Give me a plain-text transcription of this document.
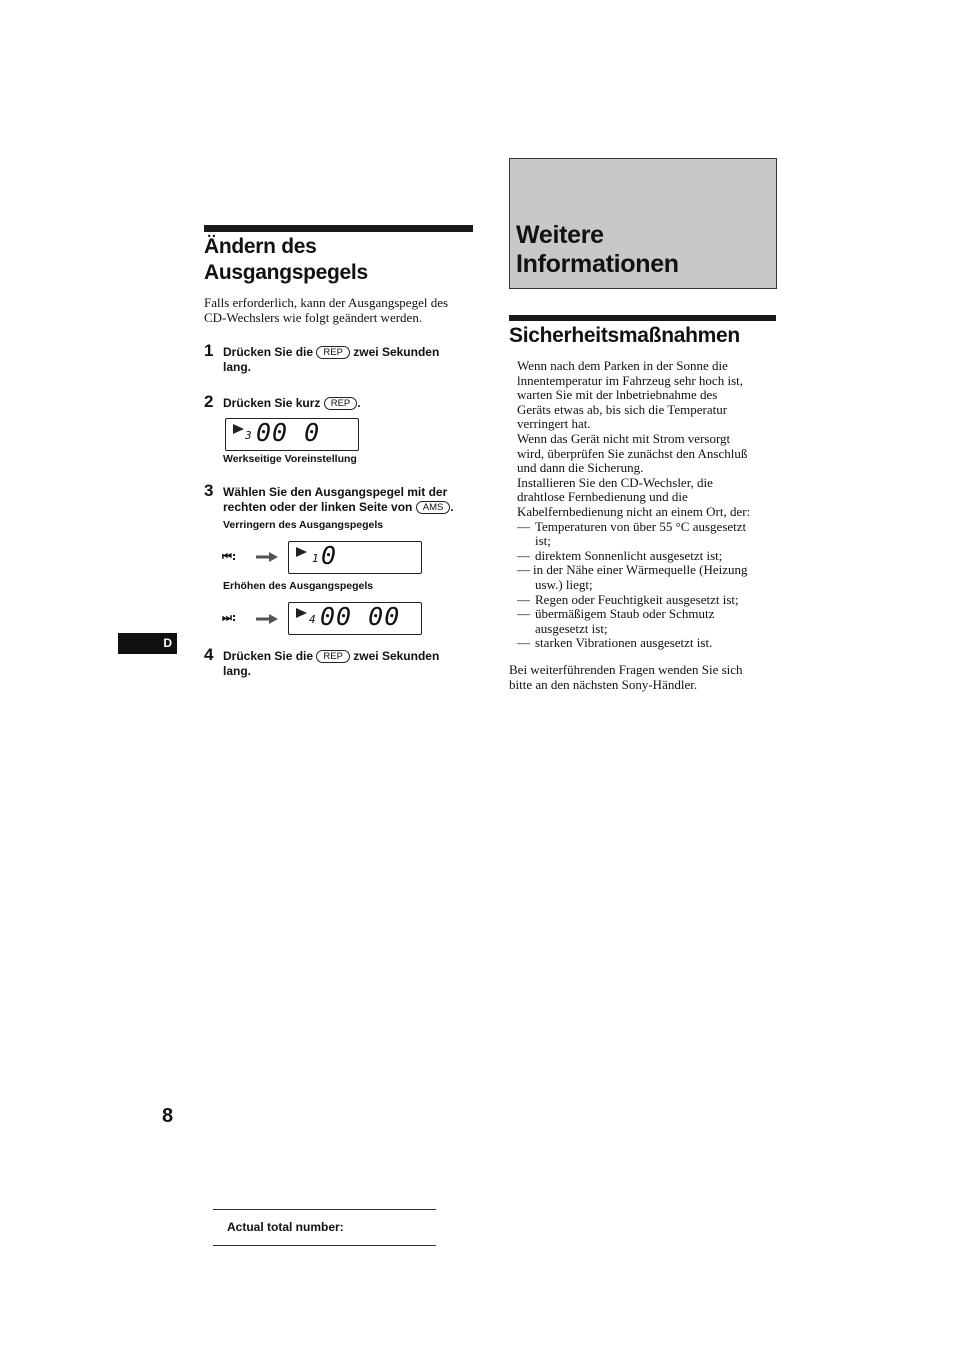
Ändern des
Ausgangspegels
Falls erforderlich, kann der Ausgangspegel des
CD-Wechslers wie folgt geändert werden.
1 Drücken Sie die REP zwei Sekunden
lang.
2 Drücken Sie kurz REP .
3 00 0
Werkseitige Voreinstellung
3 Wählen Sie den Ausgangspegel mit der
rechten oder der linken Seite von AMS .
Verringern des Ausgangspegels
⏮:	1 0
Erhöhen des Ausgangspegels
⏭:	4 00 00
D
4 Drücken Sie die REP zwei Sekunden
lang.
Weitere
Informationen
Sicherheitsmaßnahmen
Wenn nach dem Parken in der Sonne die
lnnentemperatur im Fahrzeug sehr hoch ist,
warten Sie mit der lnbetriebnahme des
Geräts etwas ab, bis sich die Temperatur
verringert hat.
Wenn das Gerät nicht mit Strom versorgt
wird, überprüfen Sie zunächst den Anschluß
und dann die Sicherung.
Installieren Sie den CD-Wechsler, die
drahtlose Fernbedienung und die
Kabelfernbedienung nicht an einem Ort, der:
— Temperaturen von über 55 °C ausgesetzt
ist;
— direktem Sonnenlicht ausgesetzt ist;
— in der Nähe einer Wärmequelle (Heizung
usw.) liegt;
— Regen oder Feuchtigkeit ausgesetzt ist;
— übermäßigem Staub oder Schmutz
ausgesetzt ist;
— starken Vibrationen ausgesetzt ist.
Bei weiterführenden Fragen wenden Sie sich
bitte an den nächsten Sony-Händler.
8
Actual total number:
